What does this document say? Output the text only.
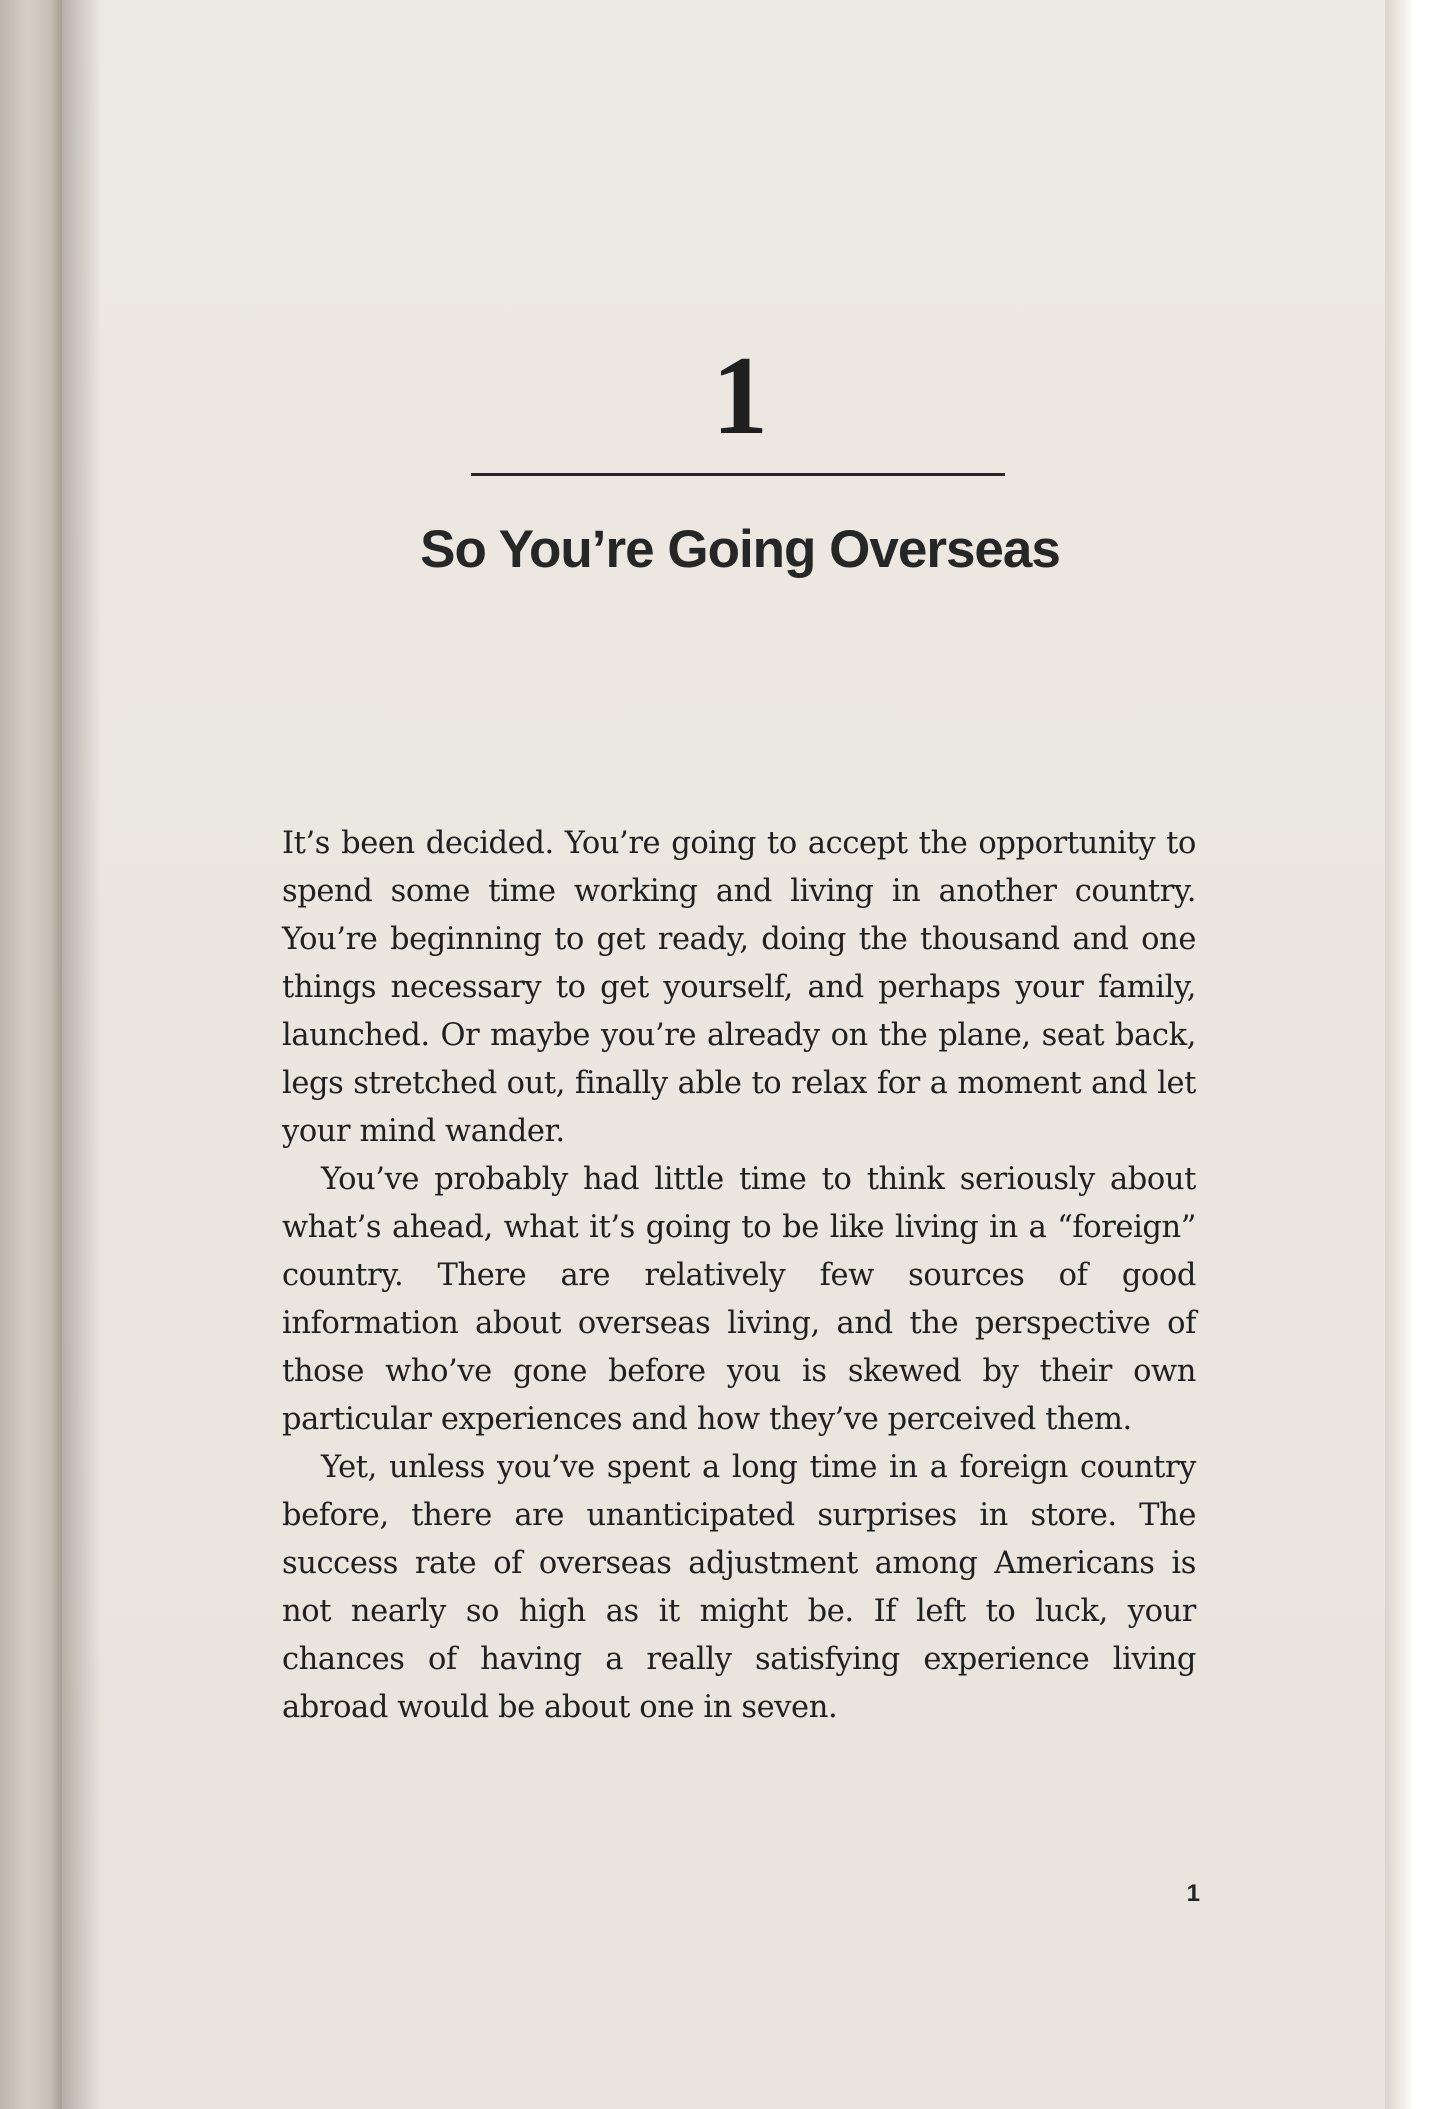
1
So You’re Going Overseas

It’s been decided. You’re going to accept the opportunity to spend some time working and living in another country. You’re beginning to get ready, doing the thousand and one things necessary to get yourself, and perhaps your family, launched. Or maybe you’re already on the plane, seat back, legs stretched out, finally able to relax for a moment and let your mind wander.

You’ve probably had little time to think seriously about what’s ahead, what it’s going to be like living in a “foreign” country. There are relatively few sources of good information about overseas living, and the perspective of those who’ve gone before you is skewed by their own particular experiences and how they’ve perceived them.

Yet, unless you’ve spent a long time in a foreign country before, there are unanticipated surprises in store. The success rate of overseas adjustment among Americans is not nearly so high as it might be. If left to luck, your chances of having a really satisfying experience living abroad would be about one in seven.

1
